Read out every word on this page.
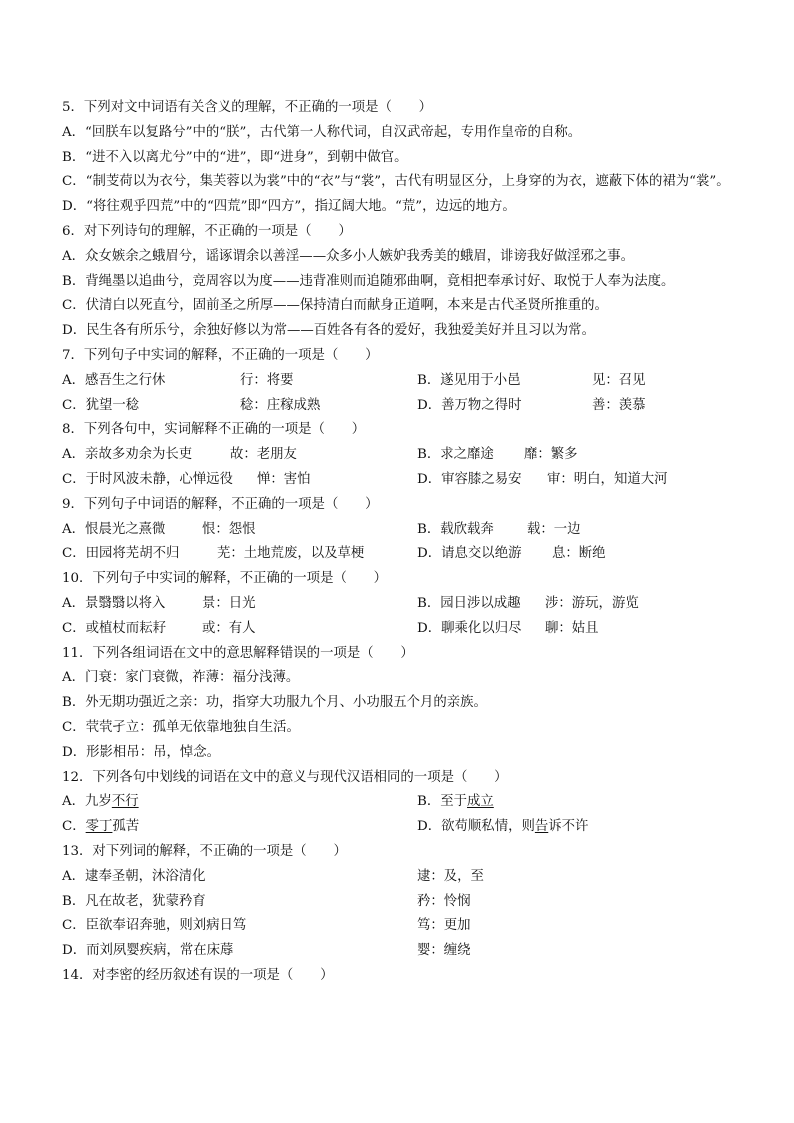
5．下列对文中词语有关含义的理解，不正确的一项是（　　）
A．“回朕车以复路兮”中的“朕”，古代第一人称代词，自汉武帝起，专用作皇帝的自称。
B．“进不入以离尤兮”中的“进”，即“进身”，到朝中做官。
C．“制芰荷以为衣兮，集芙蓉以为裳”中的“衣”与“裳”，古代有明显区分，上身穿的为衣，遮蔽下体的裙为“裳”。
D．“将往观乎四荒”中的“四荒”即“四方”，指辽阔大地。“荒”，边远的地方。
6．对下列诗句的理解，不正确的一项是（　　）
A．众女嫉余之蛾眉兮，谣诼谓余以善淫——众多小人嫉妒我秀美的蛾眉，诽谤我好做淫邪之事。
B．背绳墨以追曲兮，竞周容以为度——违背准则而追随邪曲啊，竟相把奉承讨好、取悦于人奉为法度。
C．伏清白以死直兮，固前圣之所厚——保持清白而献身正道啊，本来是古代圣贤所推重的。
D．民生各有所乐兮，余独好修以为常——百姓各有各的爱好，我独爱美好并且习以为常。
7．下列句子中实词的解释，不正确的一项是（　　）
A．感吾生之行休	行：将要	B．遂见用于小邑	见：召见
C．犹望一稔	稔：庄稼成熟	D．善万物之得时	善：羡慕
8．下列各句中，实词解释不正确的一项是（　　）
A．亲故多劝余为长吏	故：老朋友	B．求之靡途 靡：繁多
C．于时风波未静，心惮远役 惮：害怕	D．审容膝之易安 审：明白，知道大河
9．下列句子中词语的解释，不正确的一项是（　　）
A．恨晨光之熹微	恨：怨恨	B．载欣载奔 载：一边
C．田园将芜胡不归	芜：土地荒废，以及草梗	D．请息交以绝游 息：断绝
10．下列句子中实词的解释，不正确的一项是（　　）
A．景翳翳以将入	景：日光	B．园日涉以成趣 涉：游玩，游览
C．或植杖而耘耔	或：有人	D．聊乘化以归尽 聊：姑且
11．下列各组词语在文中的意思解释错误的一项是（　　）
A．门衰：家门衰微，祚薄：福分浅薄。
B．外无期功强近之亲：功，指穿大功服九个月、小功服五个月的亲族。
C．茕茕孑立：孤单无依靠地独自生活。
D．形影相吊：吊，悼念。
12．下列各句中划线的词语在文中的意义与现代汉语相同的一项是（　　）
A．九岁不行	B．至于成立
C．零丁孤苦	D．欲苟顺私情，则告诉不许
13．对下列词的解释，不正确的一项是（　　）
A．逮奉圣朝，沐浴清化	逮：及，至
B．凡在故老，犹蒙矜育	矜：怜悯
C．臣欲奉诏奔驰，则刘病日笃	笃：更加
D．而刘夙婴疾病，常在床蓐	婴：缠绕
14．对李密的经历叙述有误的一项是（　　）
